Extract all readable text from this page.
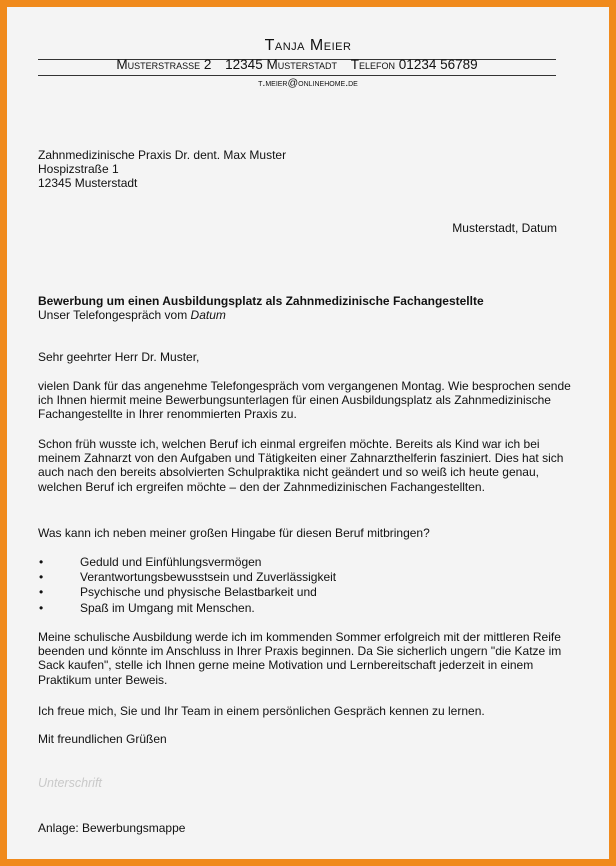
Tanja Meier
Musterstrasse 2 12345 Musterstadt Telefon 01234 56789
t.meier@onlinehome.de

Zahnmedizinische Praxis Dr. dent. Max Muster

Hospizstraße 1

12345 Musterstadt

Musterstadt, Datum

Bewerbung um einen Ausbildungsplatz als Zahnmedizinische Fachangestellte

Unser Telefongespräch vom Datum

Sehr geehrter Herr Dr. Muster,
vielen Dank für das angenehme Telefongespräch vom vergangenen Montag. Wie besprochen sende ich Ihnen hiermit meine Bewerbungsunterlagen für einen Ausbildungsplatz als Zahnmedizinische Fachangestellte in Ihrer renommierten Praxis zu.
Schon früh wusste ich, welchen Beruf ich einmal ergreifen möchte. Bereits als Kind war ich bei meinem Zahnarzt von den Aufgaben und Tätigkeiten einer Zahnarzthelferin fasziniert. Dies hat sich auch nach den bereits absolvierten Schulpraktika nicht geändert und so weiß ich heute genau, welchen Beruf ich ergreifen möchte – den der Zahnmedizinischen Fachangestellten.
Was kann ich neben meiner großen Hingabe für diesen Beruf mitbringen?
•	Geduld und Einfühlungsvermögen
•	Verantwortungsbewusstsein und Zuverlässigkeit
•	Psychische und physische Belastbarkeit und
•	Spaß im Umgang mit Menschen.
Meine schulische Ausbildung werde ich im kommenden Sommer erfolgreich mit der mittleren Reife beenden und könnte im Anschluss in Ihrer Praxis beginnen. Da Sie sicherlich ungern "die Katze im Sack kaufen", stelle ich Ihnen gerne meine Motivation und Lernbereitschaft jederzeit in einem Praktikum unter Beweis.
Ich freue mich, Sie und Ihr Team in einem persönlichen Gespräch kennen zu lernen.
Mit freundlichen Grüßen
Unterschrift
Anlage: Bewerbungsmappe
